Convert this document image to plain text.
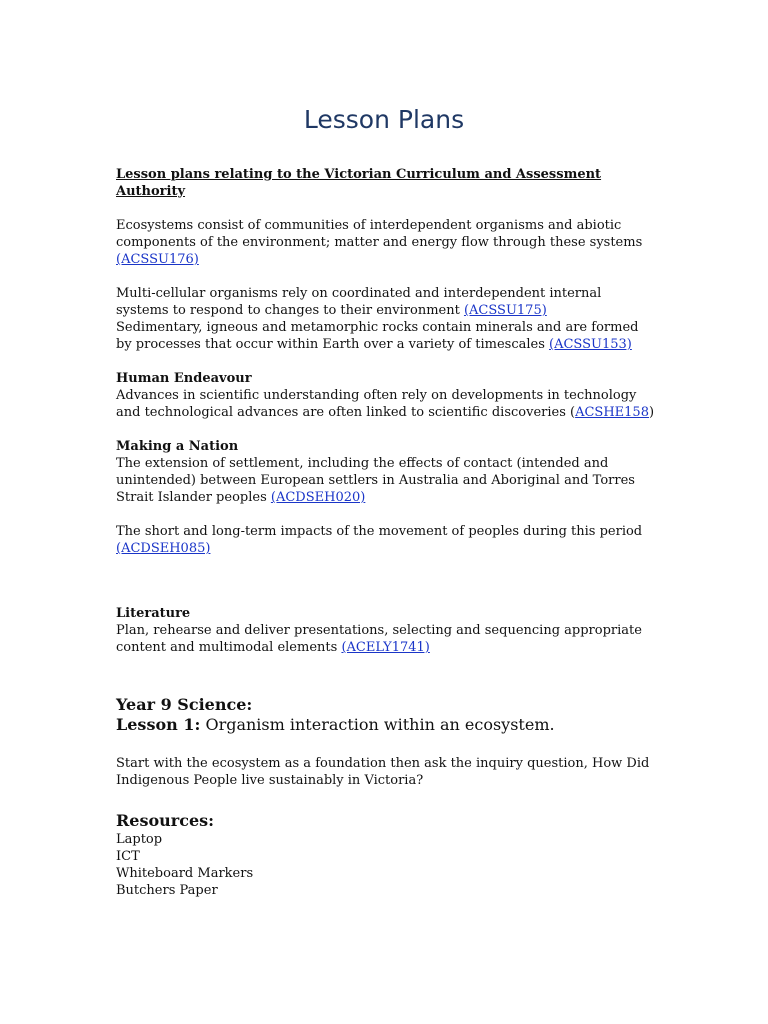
Lesson Plans

Lesson plans relating to the Victorian Curriculum and Assessment Authority

Ecosystems consist of communities of interdependent organisms and abiotic components of the environment; matter and energy flow through these systems (ACSSU176)

Multi-cellular organisms rely on coordinated and interdependent internal systems to respond to changes to their environment (ACSSU175)

Sedimentary, igneous and metamorphic rocks contain minerals and are formed by processes that occur within Earth over a variety of timescales (ACSSU153)

Human Endeavour

Advances in scientific understanding often rely on developments in technology and technological advances are often linked to scientific discoveries (ACSHE158)

Making a Nation

The extension of settlement, including the effects of contact (intended and unintended) between European settlers in Australia and Aboriginal and Torres Strait Islander peoples (ACDSEH020)

The short and long-term impacts of the movement of peoples during this period (ACDSEH085)

Literature

Plan, rehearse and deliver presentations, selecting and sequencing appropriate content and multimodal elements (ACELY1741)

Year 9 Science:

Lesson 1: Organism interaction within an ecosystem.

Start with the ecosystem as a foundation then ask the inquiry question, How Did Indigenous People live sustainably in Victoria?

Resources:

Laptop

ICT

Whiteboard Markers

Butchers Paper
